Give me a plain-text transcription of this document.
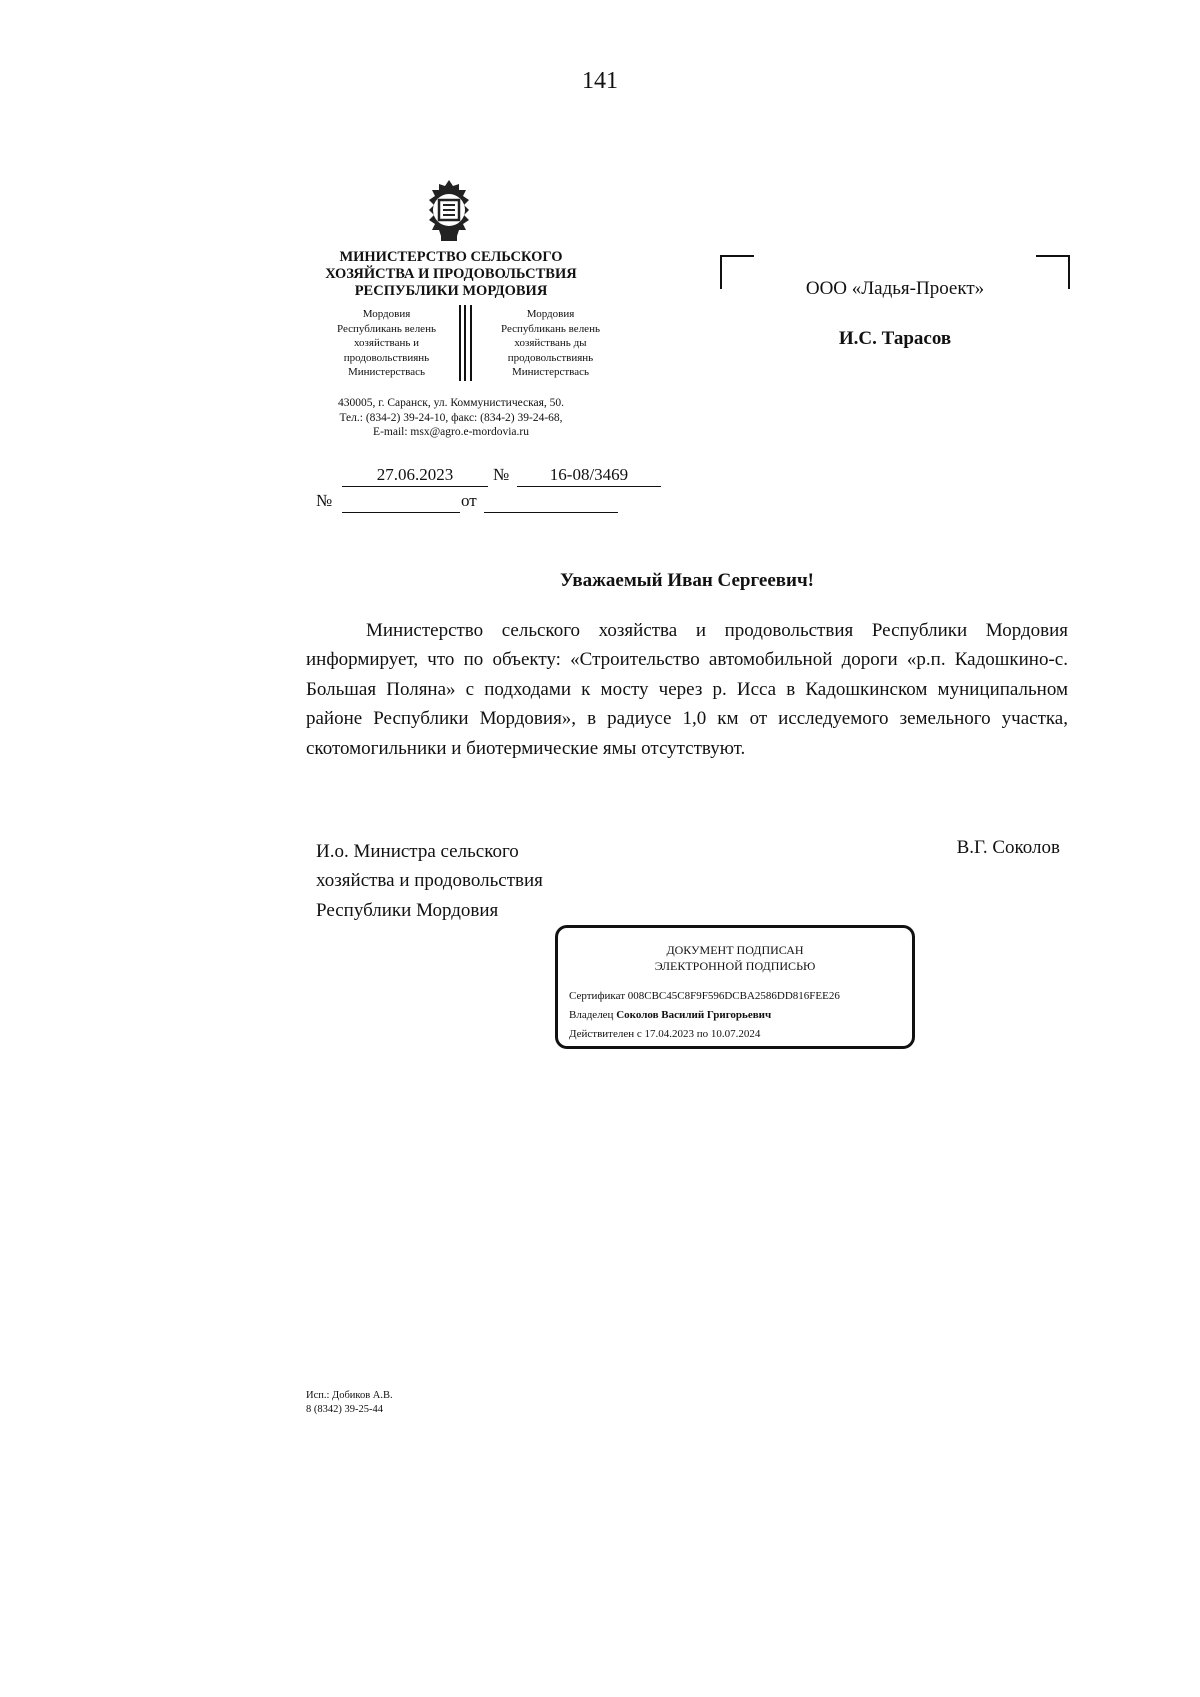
141
МИНИСТЕРСТВО СЕЛЬСКОГО
ХОЗЯЙСТВА И ПРОДОВОЛЬСТВИЯ
РЕСПУБЛИКИ МОРДОВИЯ
Мордовия
Республикань велень
хозяйствань и
продовольствиянь
Министерствась
Мордовия
Республикань велень
хозяйствань ды
продовольствиянь
Министерствась
430005, г. Саранск, ул. Коммунистическая, 50.
Тел.: (834-2) 39-24-10, факс: (834-2) 39-24-68,
E-mail: msx@agro.e-mordovia.ru
27.06.2023	№	16-08/3469
№	от
ООО «Ладья-Проект»
И.С. Тарасов
Уважаемый Иван Сергеевич!
Министерство сельского хозяйства и продовольствия Республики Мордовия информирует, что по объекту: «Строительство автомобильной дороги «р.п. Кадошкино-с. Большая Поляна» с подходами к мосту через р. Исса в Кадошкинском муниципальном районе Республики Мордовия», в радиусе 1,0 км от исследуемого земельного участка, скотомогильники и биотермические ямы отсутствуют.
И.о. Министра сельского
хозяйства и продовольствия
Республики Мордовия
В.Г. Соколов
ДОКУМЕНТ ПОДПИСАН
ЭЛЕКТРОННОЙ ПОДПИСЬЮ
Сертификат 008CBC45C8F9F596DCBA2586DD816FEE26
Владелец Соколов Василий Григорьевич
Действителен с 17.04.2023 по 10.07.2024
Исп.: Добиков А.В.
8 (8342) 39-25-44
